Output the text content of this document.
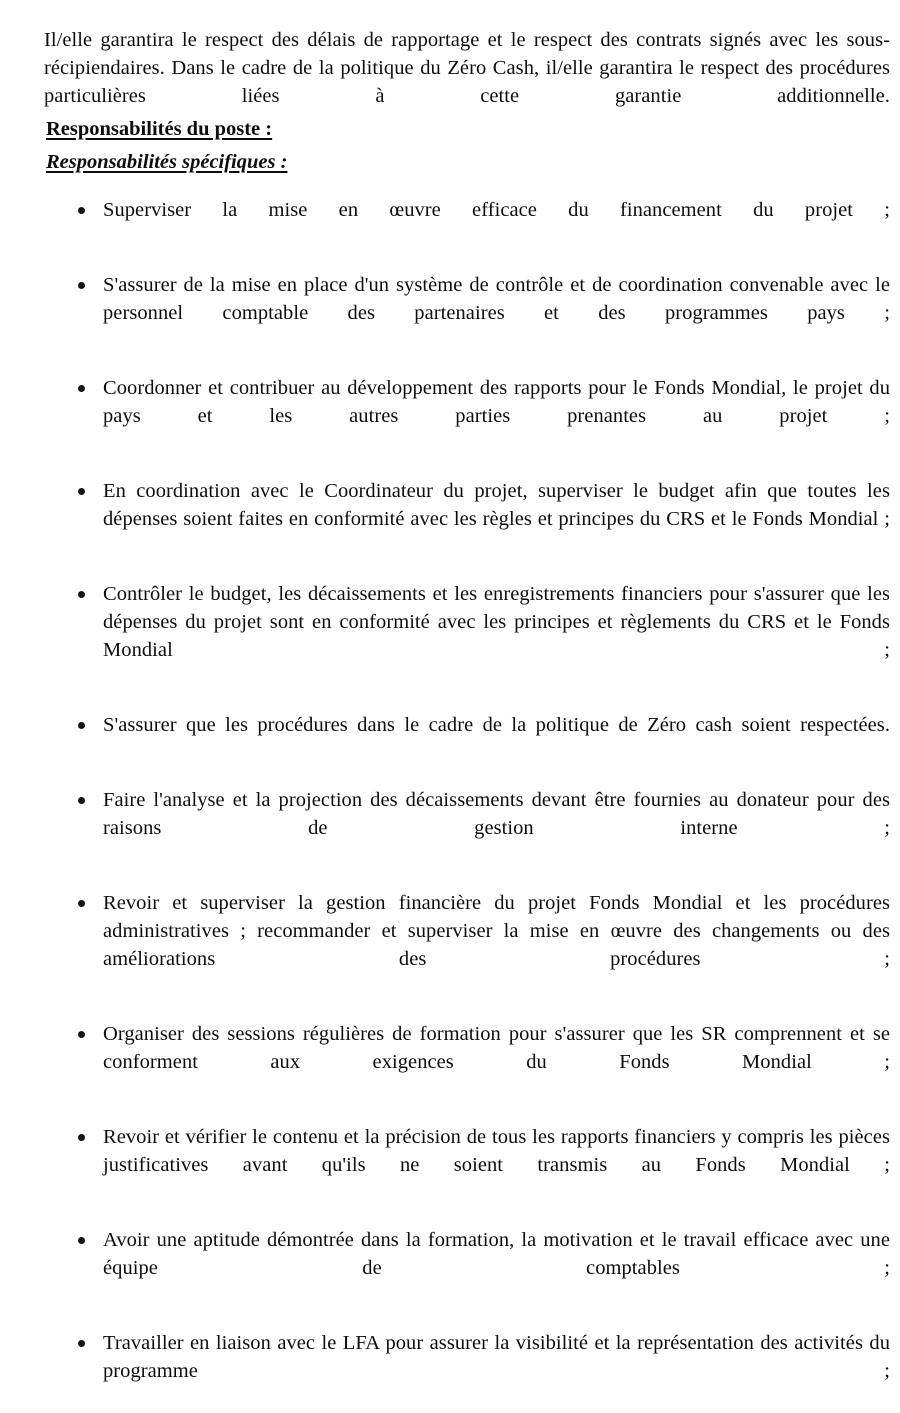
Il/elle garantira le respect des délais de rapportage et le respect des contrats signés avec les sous-récipiendaires. Dans le cadre de la politique du Zéro Cash, il/elle garantira le respect des procédures particulières liées à cette garantie additionnelle.

Responsabilités du poste :
Responsabilités spécifiques :
Superviser la mise en œuvre efficace du financement du projet ;
S'assurer de la mise en place d'un système de contrôle et de coordination convenable avec le personnel comptable des partenaires et des programmes pays ;
Coordonner et contribuer au développement des rapports pour le Fonds Mondial, le projet du pays et les autres parties prenantes au projet ;
En coordination avec le Coordinateur du projet, superviser le budget afin que toutes les dépenses soient faites en conformité avec les règles et principes du CRS et le Fonds Mondial ;
Contrôler le budget, les décaissements et les enregistrements financiers pour s'assurer que les dépenses du projet sont en conformité avec les principes et règlements du CRS et le Fonds Mondial ;
S'assurer que les procédures dans le cadre de la politique de Zéro cash soient respectées.
Faire l'analyse et la projection des décaissements devant être fournies au donateur pour des raisons de gestion interne ;
Revoir et superviser la gestion financière du projet Fonds Mondial et les procédures administratives ; recommander et superviser la mise en œuvre des changements ou des améliorations des procédures ;
Organiser des sessions régulières de formation pour s'assurer que les SR comprennent et se conforment aux exigences du Fonds Mondial ;
Revoir et vérifier le contenu et la précision de tous les rapports financiers y compris les pièces justificatives avant qu'ils ne soient transmis au Fonds Mondial ;
Avoir une aptitude démontrée dans la formation, la motivation et le travail efficace avec une équipe de comptables ;
Travailler en liaison avec le LFA pour assurer la visibilité et la représentation des activités du programme ;
